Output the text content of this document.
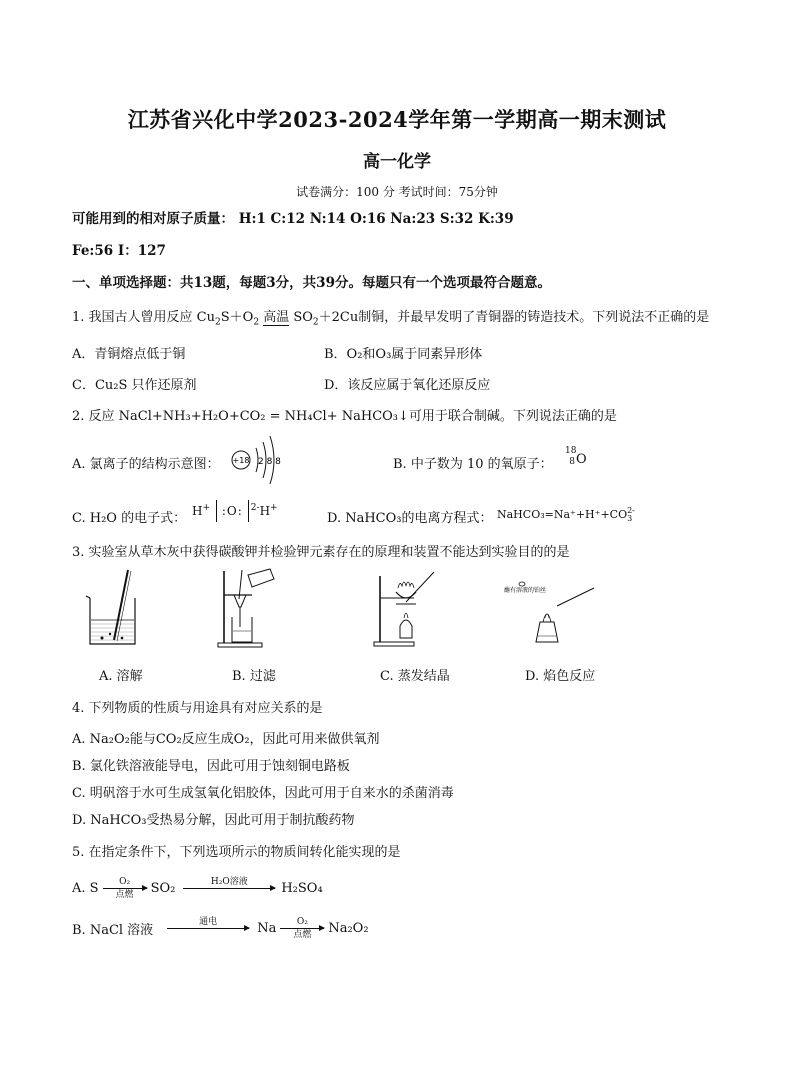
江苏省兴化中学2023-2024学年第一学期高一期末测试
高一化学
试卷满分：100 分 考试时间：75分钟
可能用到的相对原子质量： H:1 C:12 N:14 O:16 Na:23 S:32 K:39
Fe:56 I：127
一、单项选择题：共13题，每题3分，共39分。每题只有一个选项最符合题意。
1. 我国古人曾用反应 $Cu_2S+O_2$ 高温 $SO_2+2Cu$制铜，并最早发明了青铜器的铸造技术。下列说法不正确的是
A．青铜熔点低于铜	B．O₂和O₃属于同素异形体
C．Cu₂S 只作还原剂	D．该反应属于氧化还原反应
2. 反应 NaCl+NH₃+H₂O+CO₂ = NH₄Cl+ NaHCO₃↓可用于联合制碱。下列说法正确的是
A. 氯离子的结构示意图： +18 2 8 8	B. 中子数为 10 的氧原子：
18
8 O
C. H₂O 的电子式： H+ :O: $^{2-}$H+
D. NaHCO₃的电离方程式： NaHCO₃=Na⁺+H⁺+CO 2-
3
3. 实验室从草木灰中获得碳酸钾并检验钾元素存在的原理和装置不能达到实验目的的是
蘸有溶液的铂丝
A. 溶解	B. 过滤	C. 蒸发结晶	D. 焰色反应
4. 下列物质的性质与用途具有对应关系的是
A. Na₂O₂能与CO₂反应生成O₂，因此可用来做供氧剂
B. 氯化铁溶液能导电，因此可用于蚀刻铜电路板
C. 明矾溶于水可生成氢氧化铝胶体，因此可用于自来水的杀菌消毒
D. NaHCO₃受热易分解，因此可用于制抗酸药物
5. 在指定条件下，下列选项所示的物质间转化能实现的是
A. S	O₂
点燃	SO₂	H₂O溶液	H₂SO₄
B. NaCl 溶液
通电	Na	O₂
点燃	Na₂O₂
